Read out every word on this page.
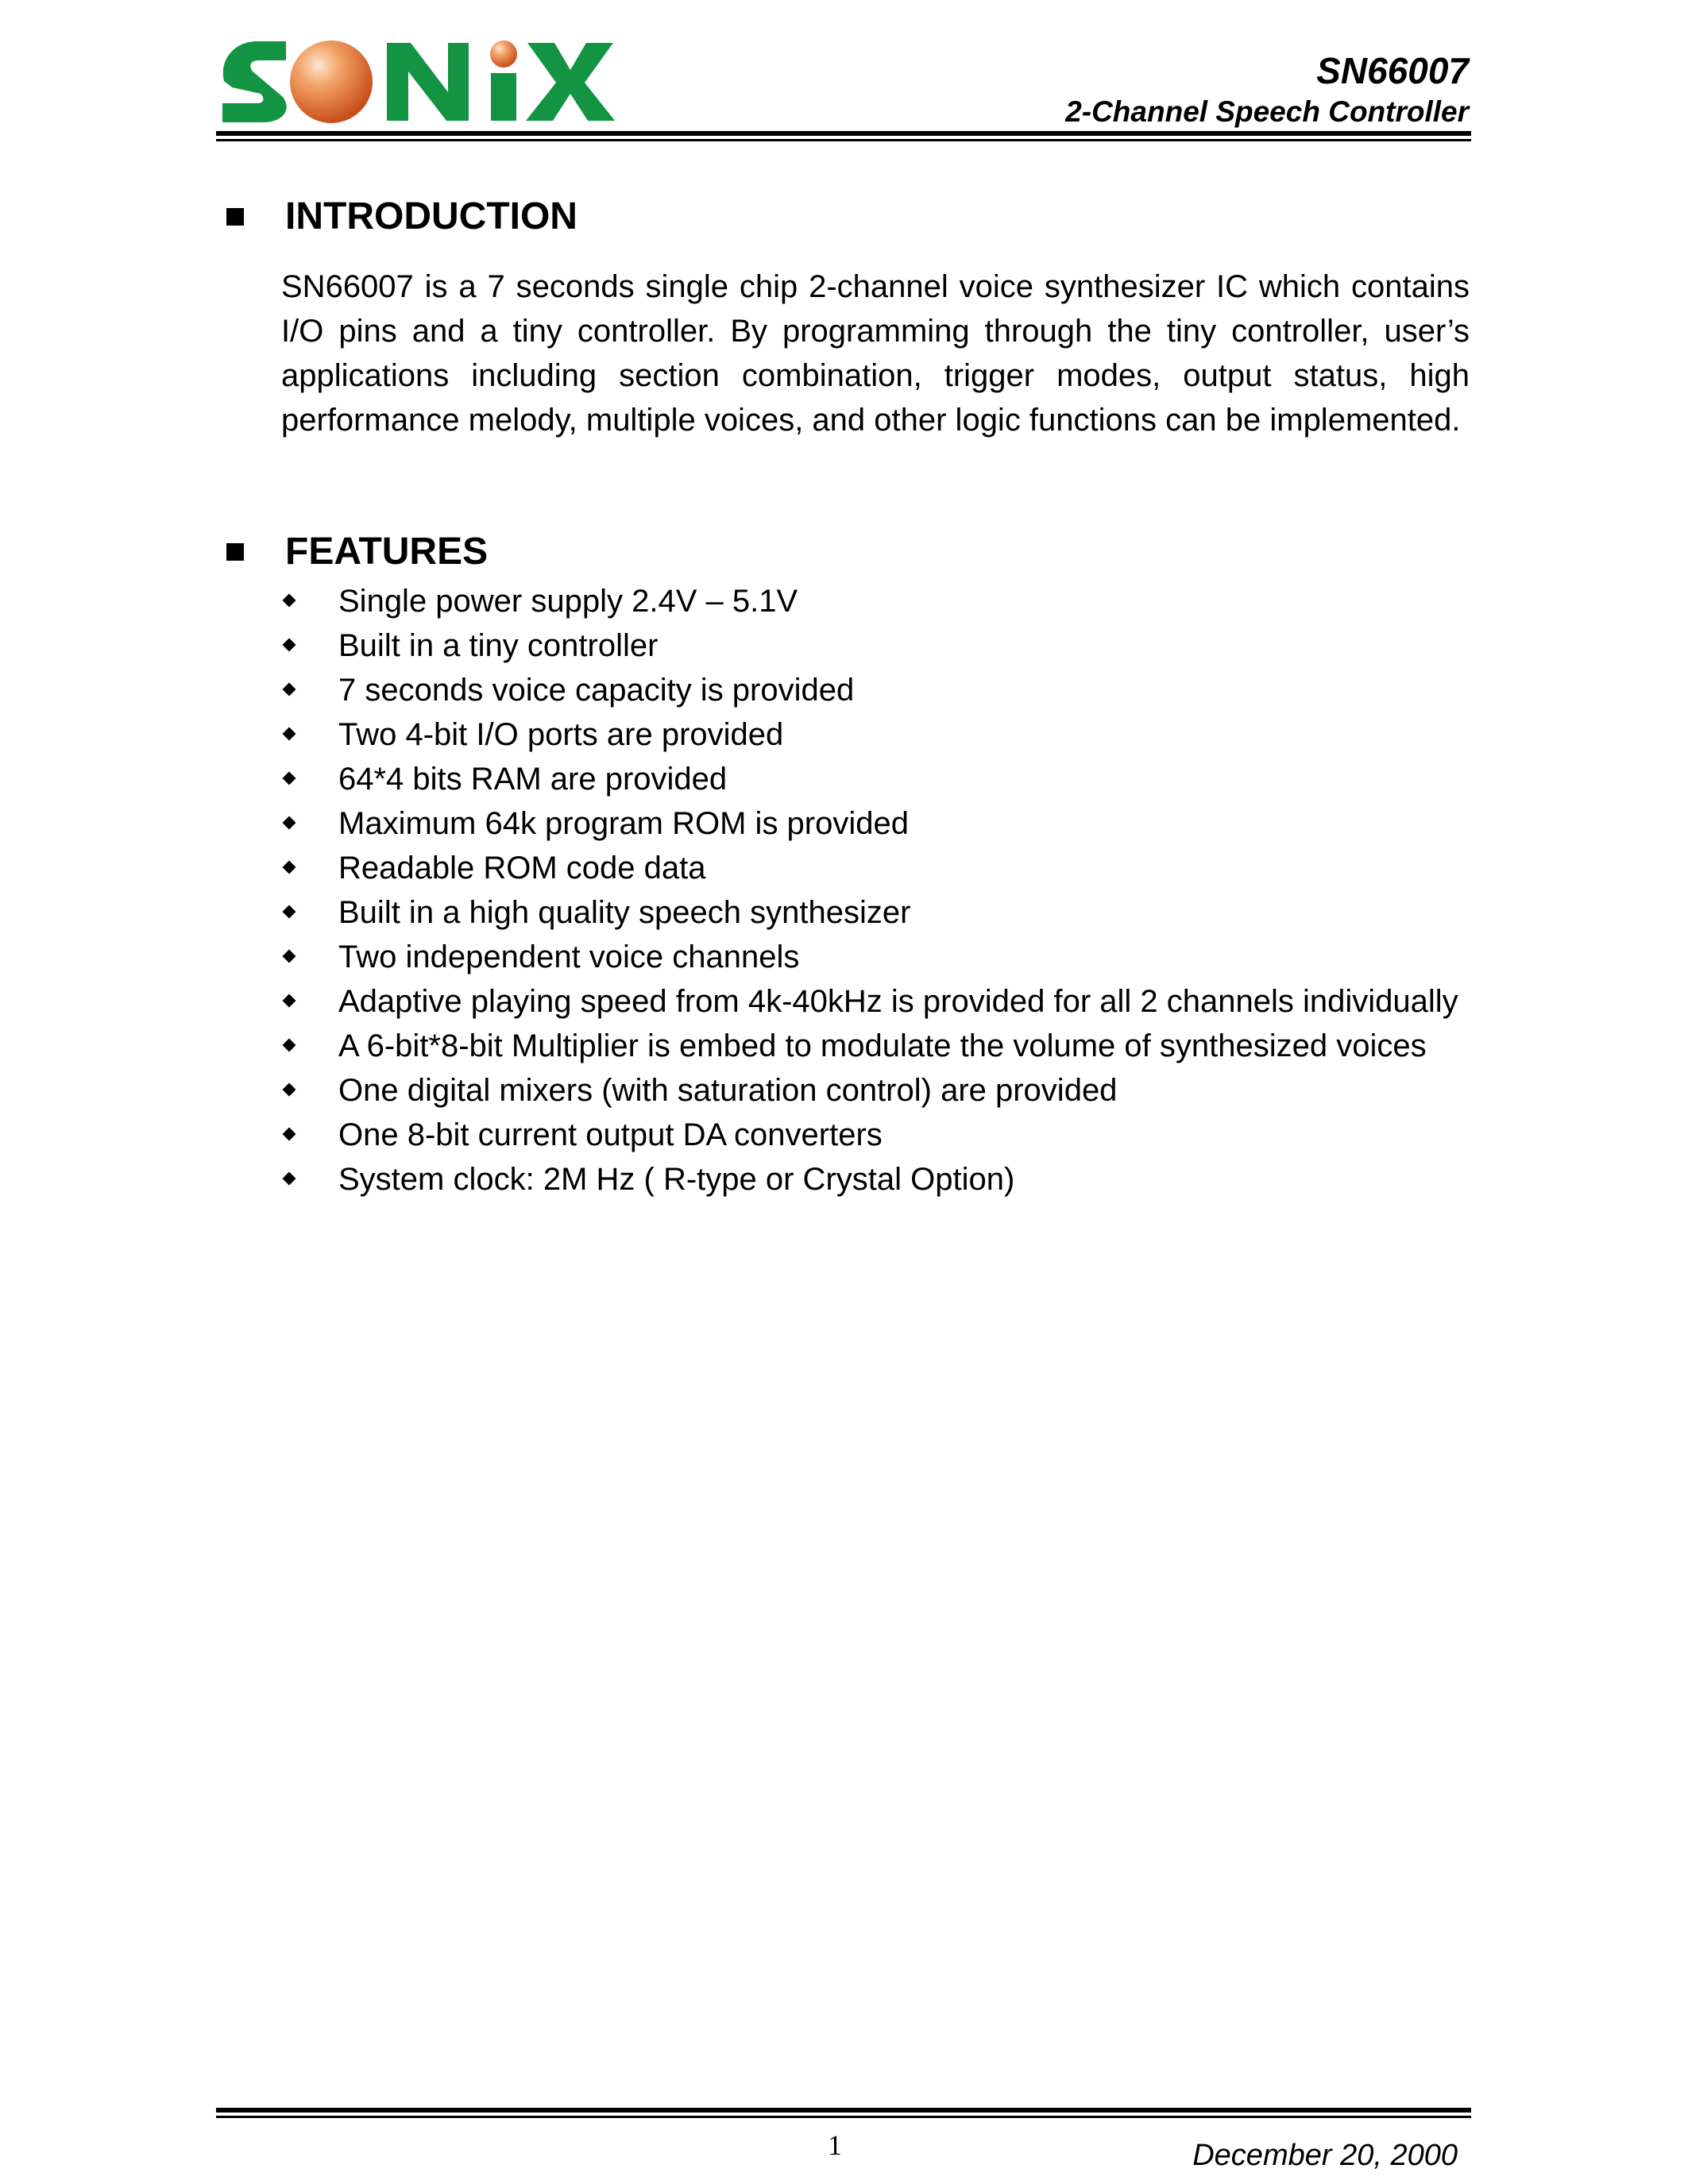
SN66007
2-Channel Speech Controller
INTRODUCTION

SN66007 is a 7 seconds single chip 2-channel voice synthesizer IC which contains I/O pins and a tiny controller. By programming through the tiny controller, user’s applications including section combination, trigger modes, output status, high performance melody, multiple voices, and other logic functions can be implemented.

FEATURES
Single power supply 2.4V – 5.1V
Built in a tiny controller
7 seconds voice capacity is provided
Two 4-bit I/O ports are provided
64*4 bits RAM are provided
Maximum 64k program ROM is provided
Readable ROM code data
Built in a high quality speech synthesizer
Two independent voice channels
Adaptive playing speed from 4k-40kHz is provided for all 2 channels individually
A 6-bit*8-bit Multiplier is embed to modulate the volume of synthesized voices
One digital mixers (with saturation control) are provided
One 8-bit current output DA converters
System clock: 2M Hz ( R-type or Crystal Option)
1	December 20, 2000
